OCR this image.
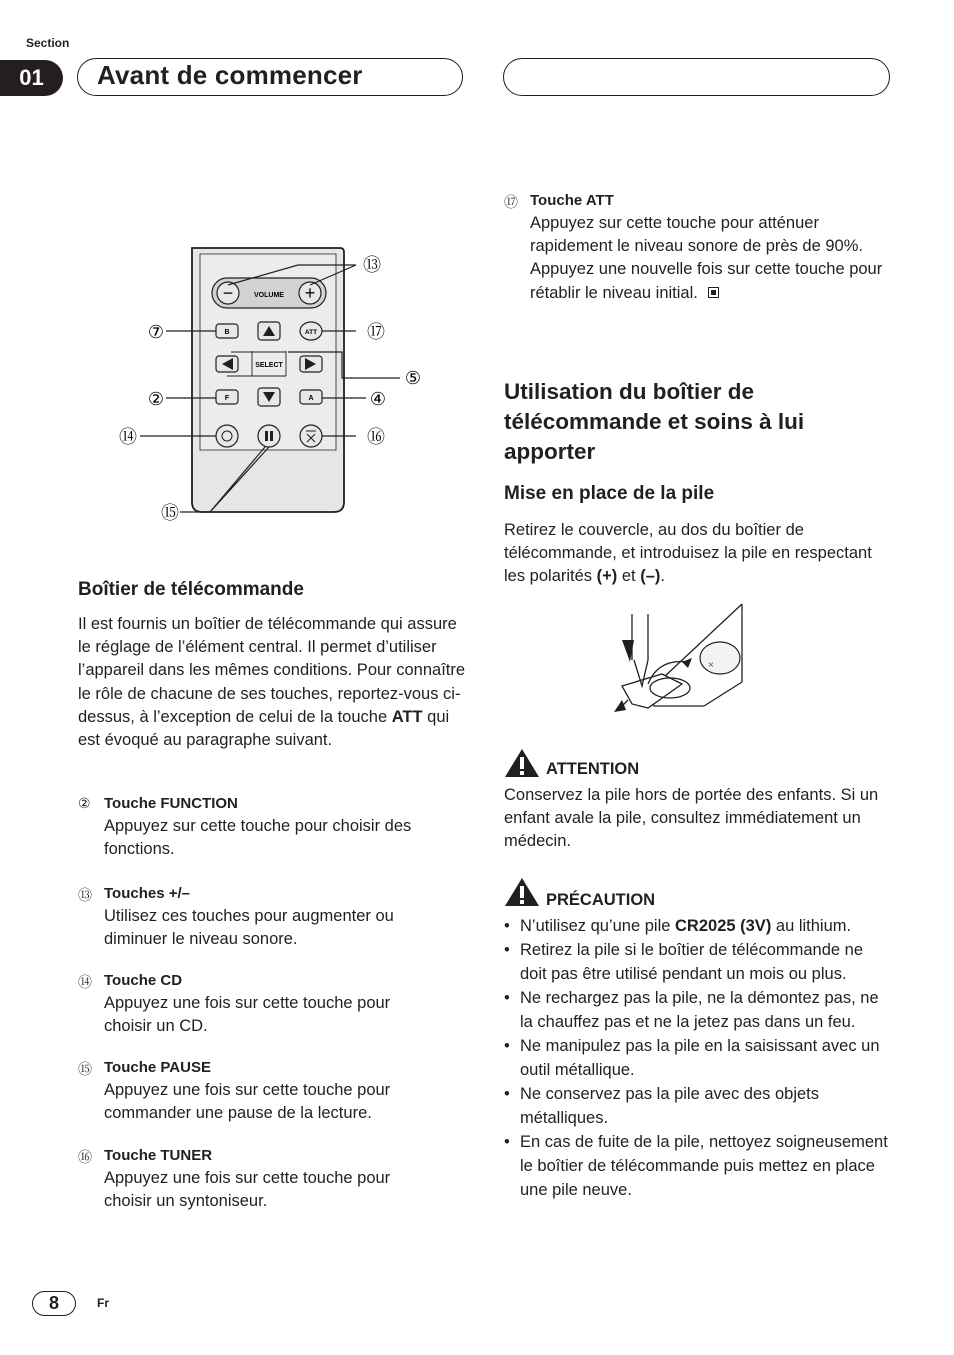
Section
01	Avant de commencer
−	+
VOLUME
B	ATT
SELECT
F	A
⑬
⑦	⑰
⑤
②	④
⑭	⑯
⑮
Boîtier de télécommande
Il est fournis un boîtier de télécommande qui assure le réglage de l’élément central. Il permet d’utiliser l’appareil dans les mêmes conditions. Pour connaître le rôle de chacune de ses touches, reportez-vous ci-dessus, à l’exception de celui de la touche ATT qui est évoqué au paragraphe suivant.
② Touche FUNCTION
Appuyez sur cette touche pour choisir des fonctions.
⑬ Touches +/–
Utilisez ces touches pour augmenter ou diminuer le niveau sonore.
⑭ Touche CD
Appuyez une fois sur cette touche pour choisir un CD.
⑮ Touche PAUSE
Appuyez une fois sur cette touche pour commander une pause de la lecture.
⑯ Touche TUNER
Appuyez une fois sur cette touche pour choisir un syntoniseur.
⑰ Touche ATT
Appuyez sur cette touche pour atténuer rapidement le niveau sonore de près de 90%. Appuyez une nouvelle fois sur cette touche pour rétablir le niveau initial.
Utilisation du boîtier de télécommande et soins à lui apporter
Mise en place de la pile
Retirez le couvercle, au dos du boîtier de télécommande, et introduisez la pile en respectant les polarités (+) et (–).
×
ATTENTION
Conservez la pile hors de portée des enfants. Si un enfant avale la pile, consultez immédiatement un médecin.
PRÉCAUTION
• N’utilisez qu’une pile CR2025 (3V) au lithium.
• Retirez la pile si le boîtier de télécommande ne doit pas être utilisé pendant un mois ou plus.
• Ne rechargez pas la pile, ne la démontez pas, ne la chauffez pas et ne la jetez pas dans un feu.
• Ne manipulez pas la pile en la saisissant avec un outil métallique.
• Ne conservez pas la pile avec des objets métalliques.
• En cas de fuite de la pile, nettoyez soigneusement le boîtier de télécommande puis mettez en place une pile neuve.
8	Fr
